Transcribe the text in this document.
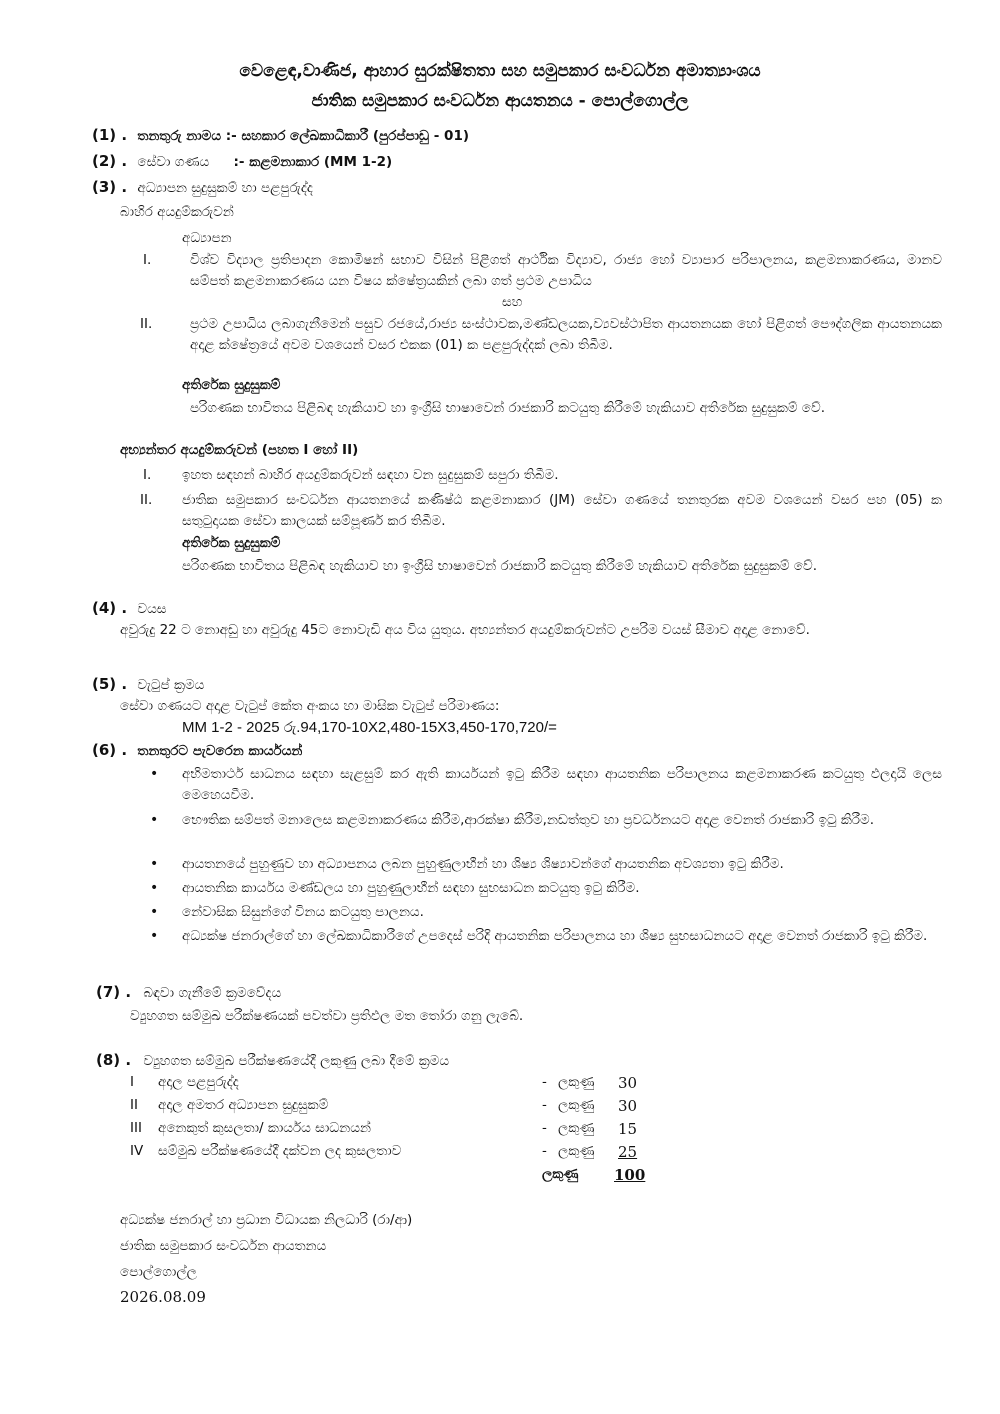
වෙළෙඳ,වාණිජ, ආහාර සුරක්ෂිතතා සහ සමුපකාර සංවර්ධන අමාත්‍යාංශය
ජාතික සමුපකාර සංවර්ධන ආයතනය - පොල්ගොල්ල
(1) . තනතුරු නාමය :- සහකාර ලේඛකාධිකාරී (පුරප්පාඩු - 01)
(2) . සේවා ගණය :- කළමනාකාර (MM 1-2)
(3) . අධ්‍යාපන සුදුසුකම් හා පළපුරුද්ද
බාහිර අයදුම්කරුවන්
අධ්‍යාපන
I.	විශ්ව විද්‍යාල ප්‍රතිපාදන කොමිෂන් සභාව විසින් පිළිගත් ආර්ථික විද්‍යාව, රාජ්‍ය හෝ ව්‍යාපාර පරිපාලනය, කළමනාකරණය, මානව සම්පත් කළමනාකරණය යන විෂය ක්ෂේත්‍රයකින් ලබා ගත් ප්‍රථම උපාධිය
සහ
II.	ප්‍රථම උපාධිය ලබාගැනීමෙන් පසුව රජයේ,රාජ්‍ය සංස්ථාවක,මණ්ඩලයක,ව්‍යවස්ථාපිත ආයතනයක හෝ පිළිගත් පෞද්ගලික ආයතනයක අදාළ ක්ෂේත්‍රයේ අවම වශයෙන් වසර එකක (01) ක පළපුරුද්දක් ලබා තිබීම.
අතිරේක සුදුසුකම්
පරිගණක භාවිතය පිළිබඳ හැකියාව හා ඉංග්‍රීසි භාෂාවෙන් රාජකාරි කටයුතු කිරීමේ හැකියාව අතිරේක සුදුසුකම් වේ.
අභ්‍යන්තර අයදුම්කරුවන් (පහත I හෝ II)
I.	ඉහත සඳහන් බාහිර අයදුම්කරුවන් සඳහා වන සුදුසුකම් සපුරා තිබීම.
II.	ජාතික සමුපකාර සංවර්ධන ආයතනයේ කණිෂ්ඨ කළමනාකාර (JM) සේවා ගණයේ තනතුරක අවම වශයෙන් වසර පහ (05) ක සතුටුදායක සේවා කාලයක් සම්පූර්ණ කර තිබීම.
අතිරේක සුදුසුකම්
පරිගණක භාවිතය පිළිබඳ හැකියාව හා ඉංග්‍රීසි භාෂාවෙන් රාජකාරි කටයුතු කිරීමේ හැකියාව අතිරේක සුදුසුකම් වේ.
(4) . වයස
අවුරුදු 22 ට නොඅඩු හා අවුරුදු 45ට නොවැඩි අය විය යුතුය. අභ්‍යන්තර අයදුම්කරුවන්ට උපරිම වයස් සීමාව අදාළ නොවේ.
(5) . වැටුප් ක්‍රමය
සේවා ගණයට අදාළ වැටුප් කේත අංකය හා මාසික වැටුප් පරිමාණය:
MM 1-2 - 2025 රු.94,170-10X2,480-15X3,450-170,720/=
(6) . තනතුරට පැවරෙන කාර්යයන්
• අභිමතාර්ථ සාධනය සඳහා සැළසුම් කර ඇති කාර්යයන් ඉටු කිරීම සඳහා ආයතනික පරිපාලනය කළමනාකරණ කටයුතු ඵලදායි ලෙස මෙහෙයවීම.
• භෞතික සම්පත් මනාලෙස කළමනාකරණය කිරීම,ආරක්ෂා කිරීම,නඩත්තුව හා ප්‍රවර්ධනයට අදාළ වෙනත් රාජකාරි ඉටු කිරීම.
• ආයතනයේ පුහුණුව හා අධ්‍යාපනය ලබන පුහුණුලාභීන් හා ශිෂ්‍ය ශිෂ්‍යාවන්ගේ ආයතනික අවශ්‍යතා ඉටු කිරීම.
• ආයතනික කාර්යය මණ්ඩලය හා පුහුණුලාභීන් සඳහා සුභසාධන කටයුතු ඉටු කිරීම.
• නේවාසික සිසුන්ගේ විනය කටයුතු පාලනය.
• අධ්‍යක්ෂ ජනරාල්ගේ හා ලේඛකාධිකාරීගේ උපදෙස් පරිදි ආයතනික පරිපාලනය හා ශිෂ්‍ය සුභසාධනයට අදාළ වෙනත් රාජකාරි ඉටු කිරීම.
(7) . බඳවා ගැනීමේ ක්‍රමවේදය
ව්‍යුහගත සම්මුඛ පරීක්ෂණයක් පවත්වා ප්‍රතිඵල මත තෝරා ගනු ලැබේ.
(8) . ව්‍යුහගත සම්මුඛ පරීක්ෂණයේදී ලකුණු ලබා දීමේ ක්‍රමය
I අදාල පළපුරුද්ද	- ලකුණු 30
II අදාල අමතර අධ්‍යාපන සුදුසුකම්	- ලකුණු 30
III අනෙකුත් කුසලතා/ කාර්යය සාධනයන්	- ලකුණු 15
IV සම්මුඛ පරීක්ෂණයේදී දක්වන ලද කුසලතාව	- ලකුණු 25
ලකුණු 100
අධ්‍යක්ෂ ජනරාල් හා ප්‍රධාන විධායක නිලධාරි (රා/ආ)
ජාතික සමුපකාර සංවර්ධන ආයතනය
පොල්ගොල්ල
2026.08.09
